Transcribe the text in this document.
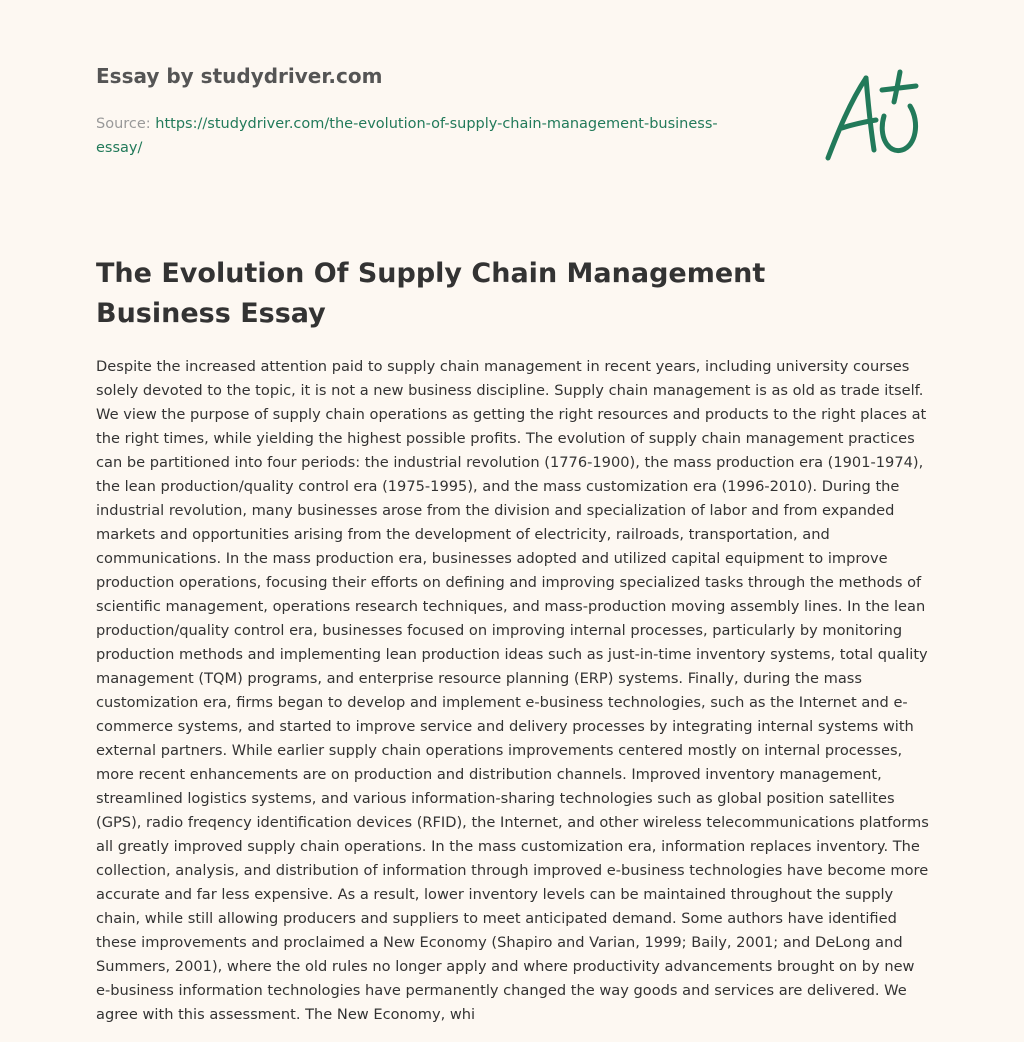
Essay by studydriver.com
Source: https://studydriver.com/the-evolution-of-supply-chain-management-business-essay/
The Evolution Of Supply Chain Management Business Essay

Despite the increased attention paid to supply chain management in recent years, including university courses solely devoted to the topic, it is not a new business discipline. Supply chain management is as old as trade itself. We view the purpose of supply chain operations as getting the right resources and products to the right places at the right times, while yielding the highest possible profits. The evolution of supply chain management practices can be partitioned into four periods: the industrial revolution (1776-1900), the mass production era (1901-1974), the lean production/quality control era (1975-1995), and the mass customization era (1996-2010). During the industrial revolution, many businesses arose from the division and specialization of labor and from expanded markets and opportunities arising from the development of electricity, railroads, transportation, and communications. In the mass production era, businesses adopted and utilized capital equipment to improve production operations, focusing their efforts on defining and improving specialized tasks through the methods of scientific management, operations research techniques, and mass-production moving assembly lines. In the lean production/quality control era, businesses focused on improving internal processes, particularly by monitoring production methods and implementing lean production ideas such as just-in-time inventory systems, total quality management (TQM) programs, and enterprise resource planning (ERP) systems. Finally, during the mass customization era, firms began to develop and implement e-business technologies, such as the Internet and e-commerce systems, and started to improve service and delivery processes by integrating internal systems with external partners. While earlier supply chain operations improvements centered mostly on internal processes, more recent enhancements are on production and distribution channels. Improved inventory management, streamlined logistics systems, and various information-sharing technologies such as global position satellites (GPS), radio freqency identification devices (RFID), the Internet, and other wireless telecommunications platforms all greatly improved supply chain operations. In the mass customization era, information replaces inventory. The collection, analysis, and distribution of information through improved e-business technologies have become more accurate and far less expensive. As a result, lower inventory levels can be maintained throughout the supply chain, while still allowing producers and suppliers to meet anticipated demand. Some authors have identified these improvements and proclaimed a New Economy (Shapiro and Varian, 1999; Baily, 2001; and DeLong and Summers, 2001), where the old rules no longer apply and where productivity advancements brought on by new e-business information technologies have permanently changed the way goods and services are delivered. We agree with this assessment. The New Economy, whi
